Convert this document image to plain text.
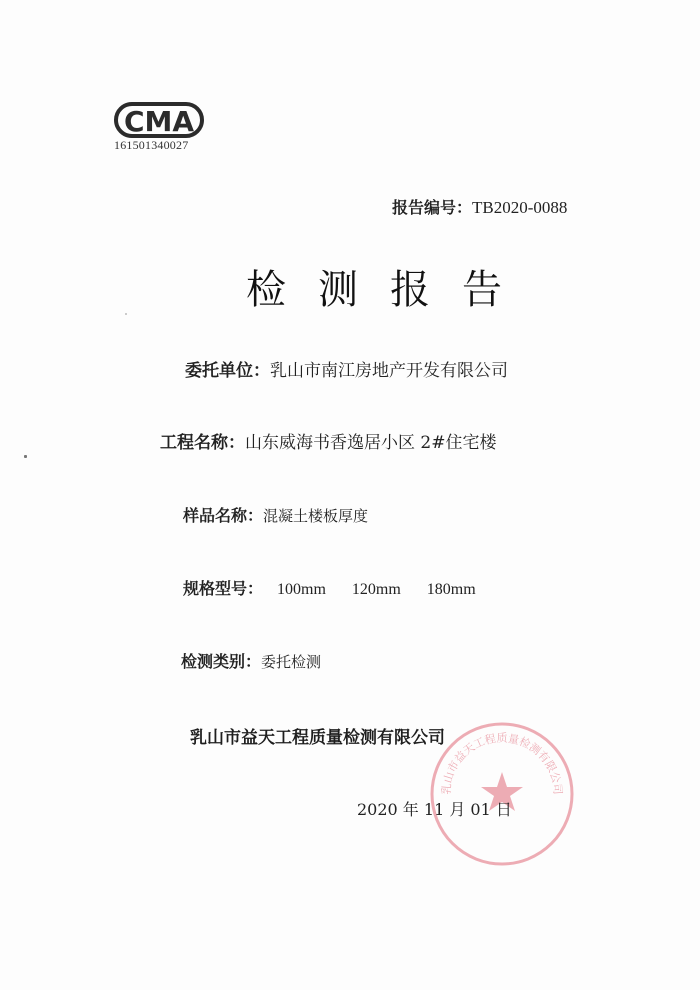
CMA
161501340027
报告编号：TB2020-0088
检测报告
委托单位：乳山市南江房地产开发有限公司
工程名称：山东威海书香逸居小区 2#住宅楼
样品名称：混凝土楼板厚度
规格型号： 100mm 120mm 180mm
检测类别：委托检测
乳山市益天工程质量检测有限公司
乳山市益天工程质量检测有限公司
2020 年 11 月 01 日
